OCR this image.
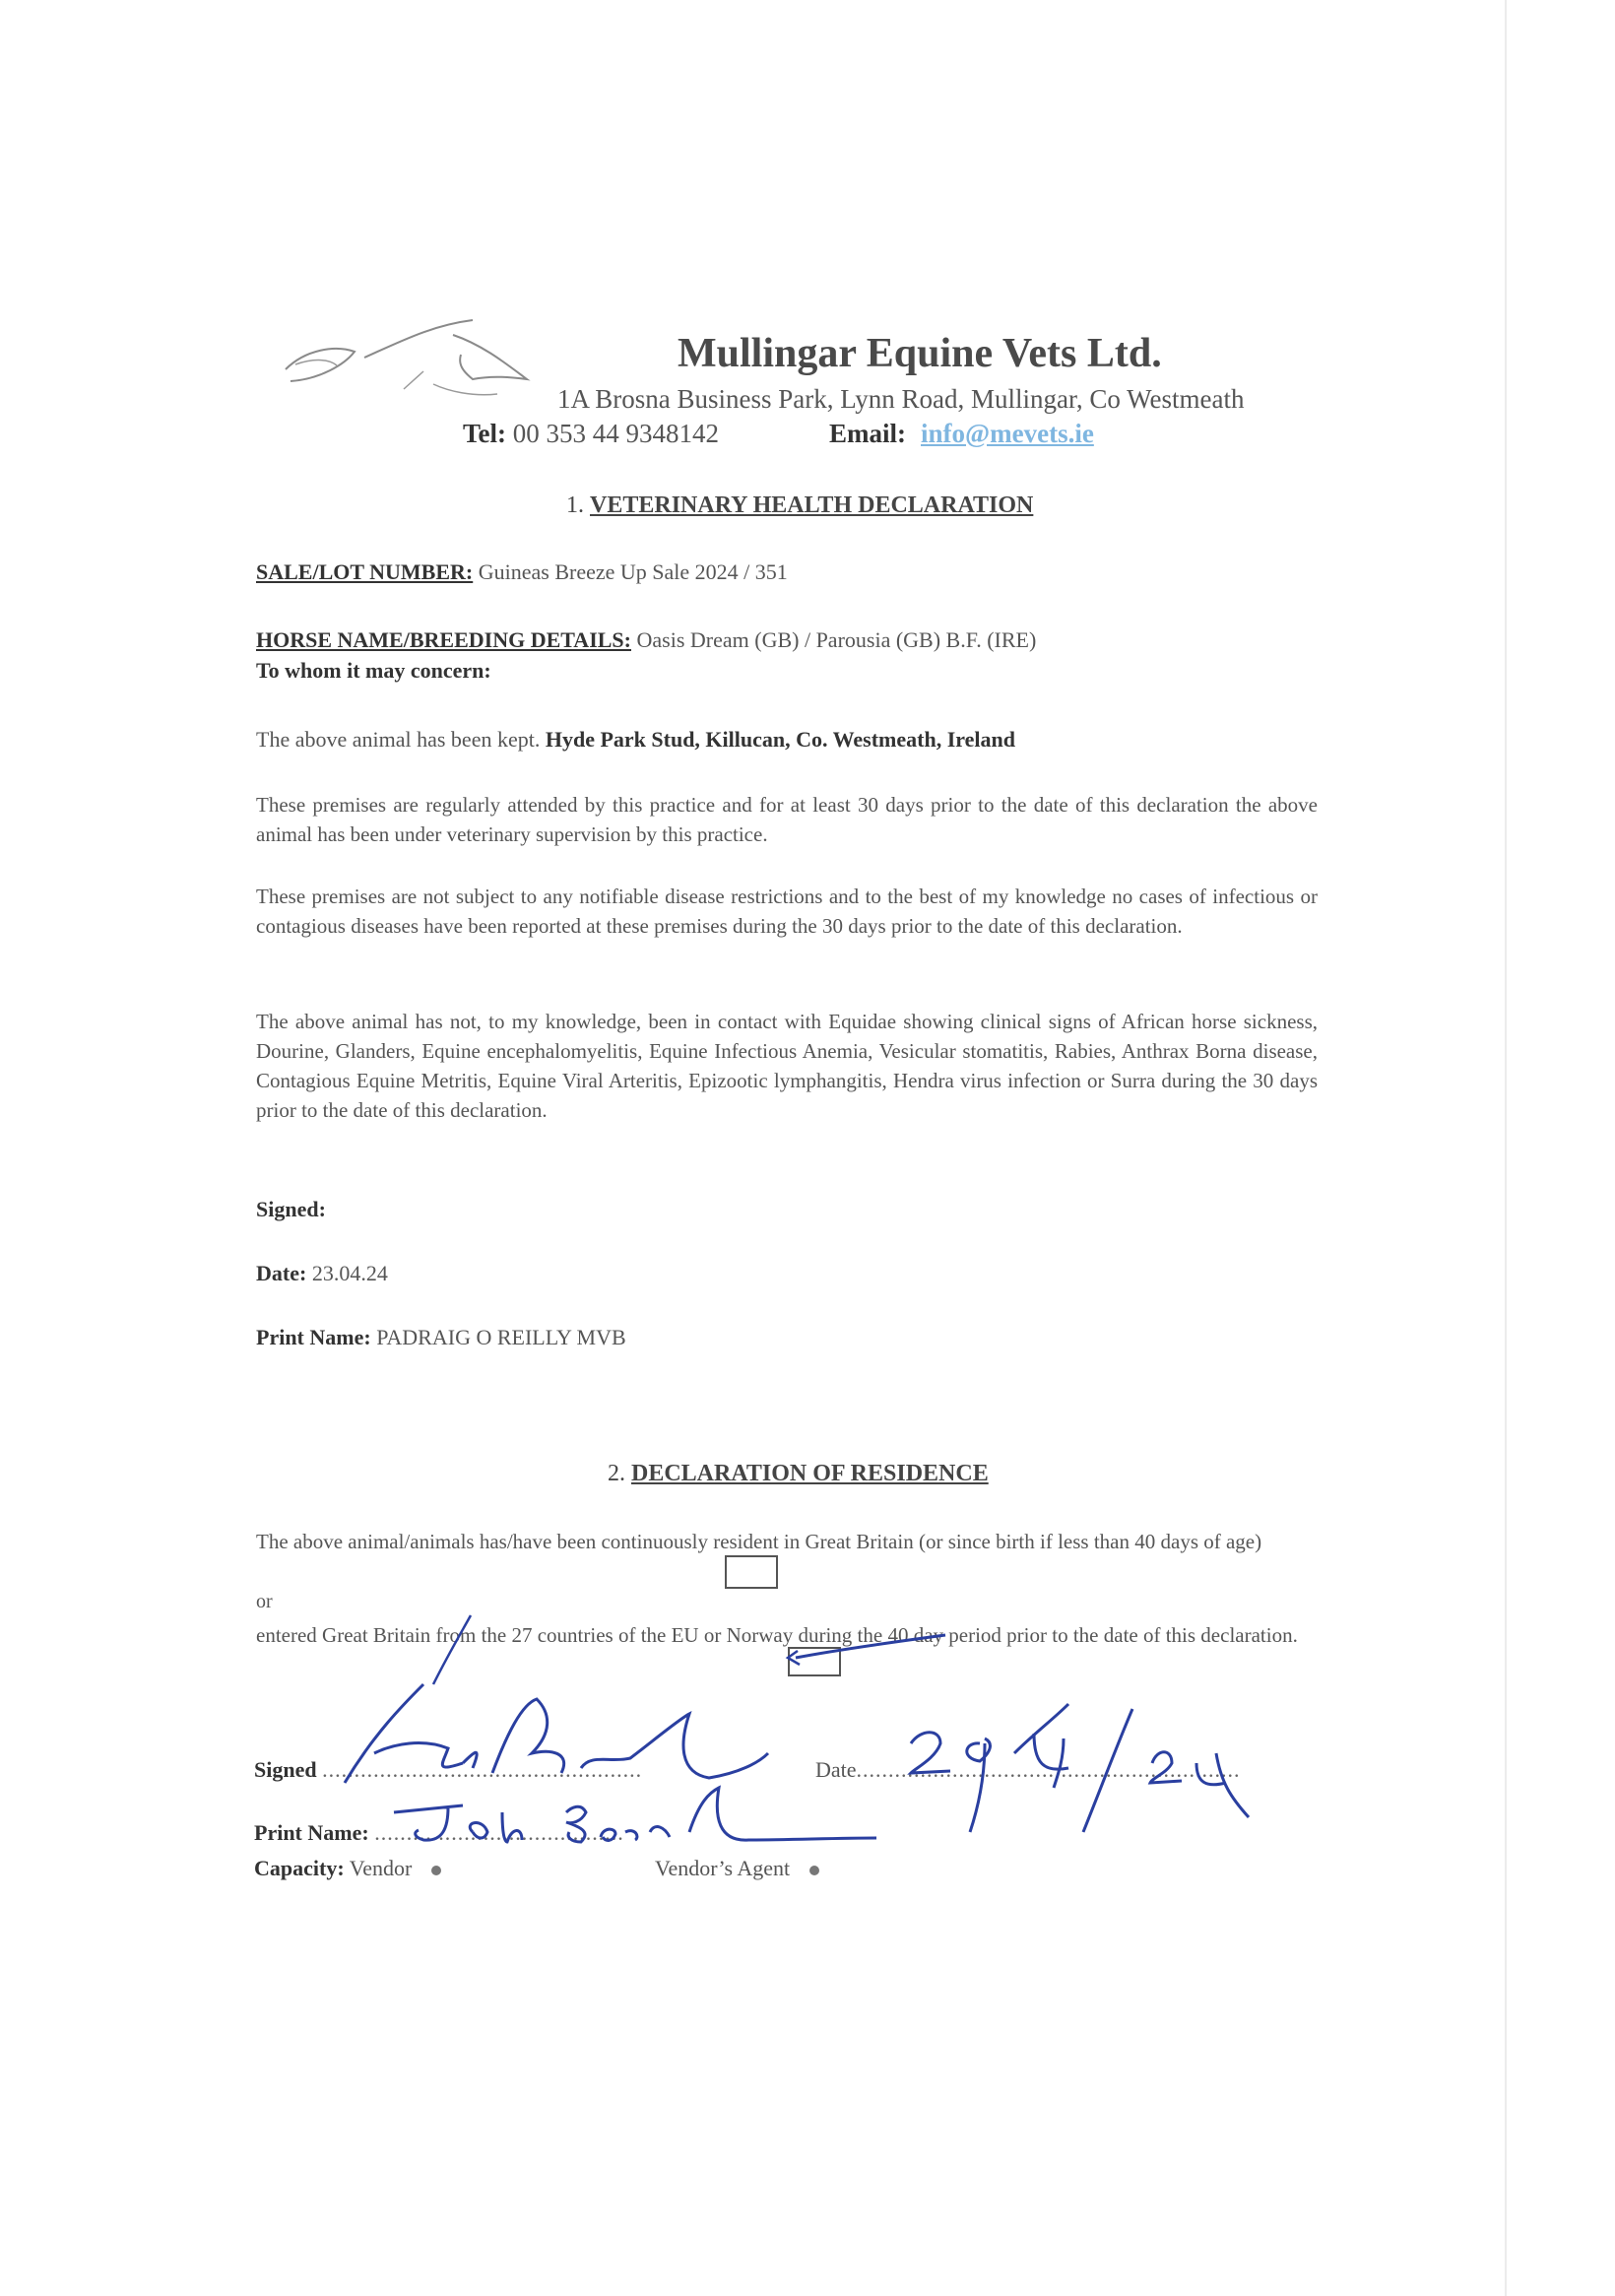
Mullingar Equine Vets Ltd.
1A Brosna Business Park, Lynn Road, Mullingar, Co Westmeath
Tel: 00 353 44 9348142	Email: info@mevets.ie
1. VETERINARY HEALTH DECLARATION
SALE/LOT NUMBER: Guineas Breeze Up Sale 2024 / 351
HORSE NAME/BREEDING DETAILS: Oasis Dream (GB) / Parousia (GB) B.F. (IRE)
To whom it may concern:
The above animal has been kept. Hyde Park Stud, Killucan, Co. Westmeath, Ireland
These premises are regularly attended by this practice and for at least 30 days prior to the date of this declaration the above animal has been under veterinary supervision by this practice.
These premises are not subject to any notifiable disease restrictions and to the best of my knowledge no cases of infectious or contagious diseases have been reported at these premises during the 30 days prior to the date of this declaration.
The above animal has not, to my knowledge, been in contact with Equidae showing clinical signs of African horse sickness, Dourine, Glanders, Equine encephalomyelitis, Equine Infectious Anemia, Vesicular stomatitis, Rabies, Anthrax Borna disease, Contagious Equine Metritis, Equine Viral Arteritis, Epizootic lymphangitis, Hendra virus infection or Surra during the 30 days prior to the date of this declaration.
Signed:
Date: 23.04.24
Print Name: PADRAIG O REILLY MVB
2. DECLARATION OF RESIDENCE
The above animal/animals has/have been continuously resident in Great Britain (or since birth if less than 40 days of age)
or
entered Great Britain from the 27 countries of the EU or Norway during the 40 day period prior to the date of this declaration.
Signed ..................................................	Date............................................................
Print Name: .......................................
Capacity: Vendor	Vendor’s Agent
